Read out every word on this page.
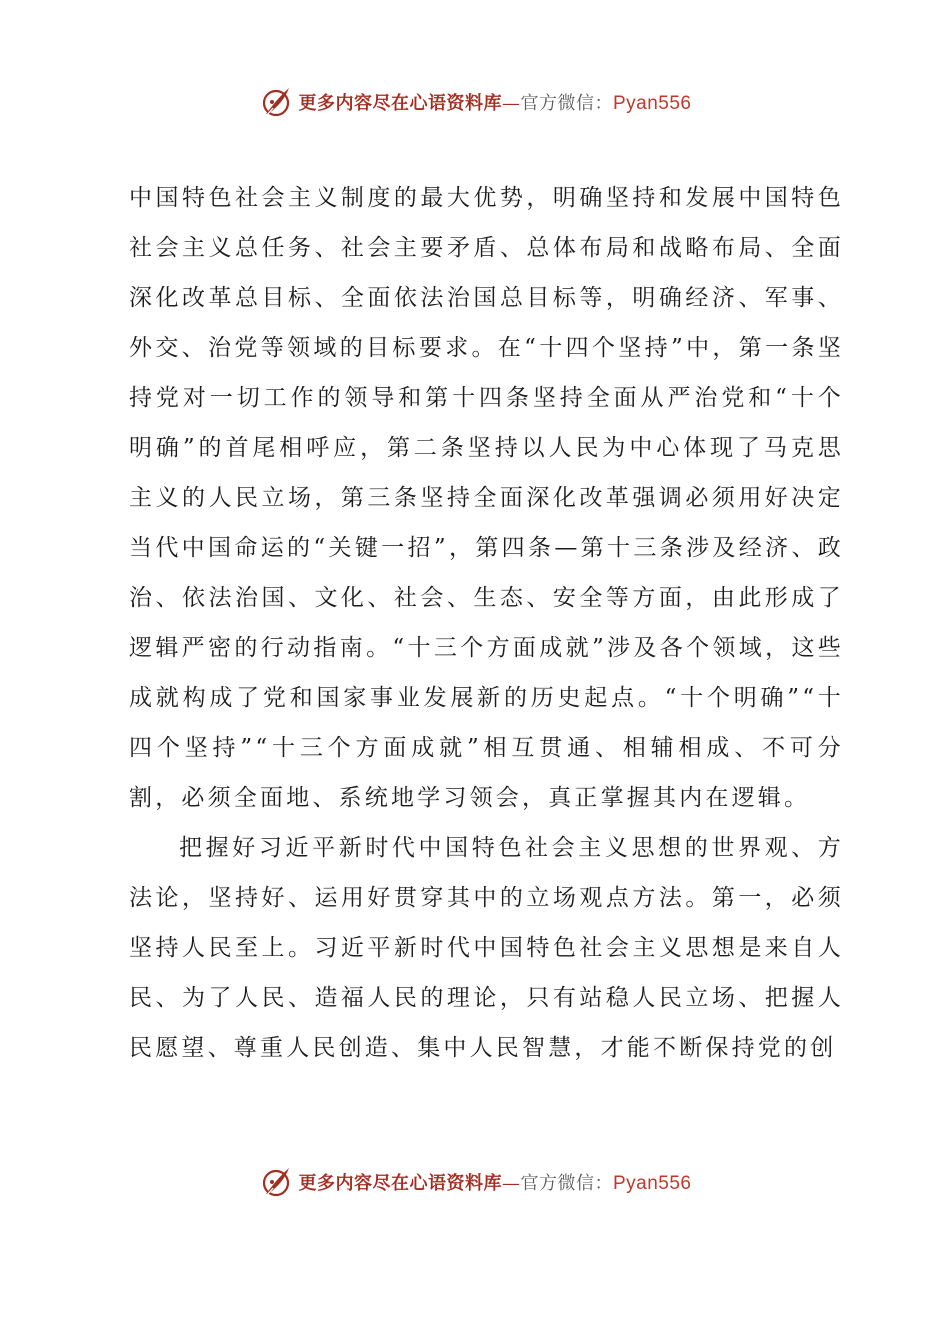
更多内容尽在心语资料库—官方微信：Pyan556

中国特色社会主义制度的最大优势，明确坚持和发展中国特色社会主义总任务、社会主要矛盾、总体布局和战略布局、全面深化改革总目标、全面依法治国总目标等，明确经济、军事、外交、治党等领域的目标要求。在“十四个坚持”中，第一条坚持党对一切工作的领导和第十四条坚持全面从严治党和“十个明确”的首尾相呼应，第二条坚持以人民为中心体现了马克思主义的人民立场，第三条坚持全面深化改革强调必须用好决定当代中国命运的“关键一招”，第四条—第十三条涉及经济、政治、依法治国、文化、社会、生态、安全等方面，由此形成了逻辑严密的行动指南。“十三个方面成就”涉及各个领域，这些成就构成了党和国家事业发展新的历史起点。“十个明确”“十四个坚持”“十三个方面成就”相互贯通、相辅相成、不可分割，必须全面地、系统地学习领会，真正掌握其内在逻辑。

把握好习近平新时代中国特色社会主义思想的世界观、方法论，坚持好、运用好贯穿其中的立场观点方法。第一，必须坚持人民至上。习近平新时代中国特色社会主义思想是来自人民、为了人民、造福人民的理论，只有站稳人民立场、把握人民愿望、尊重人民创造、集中人民智慧，才能不断保持党的创

更多内容尽在心语资料库—官方微信：Pyan556
